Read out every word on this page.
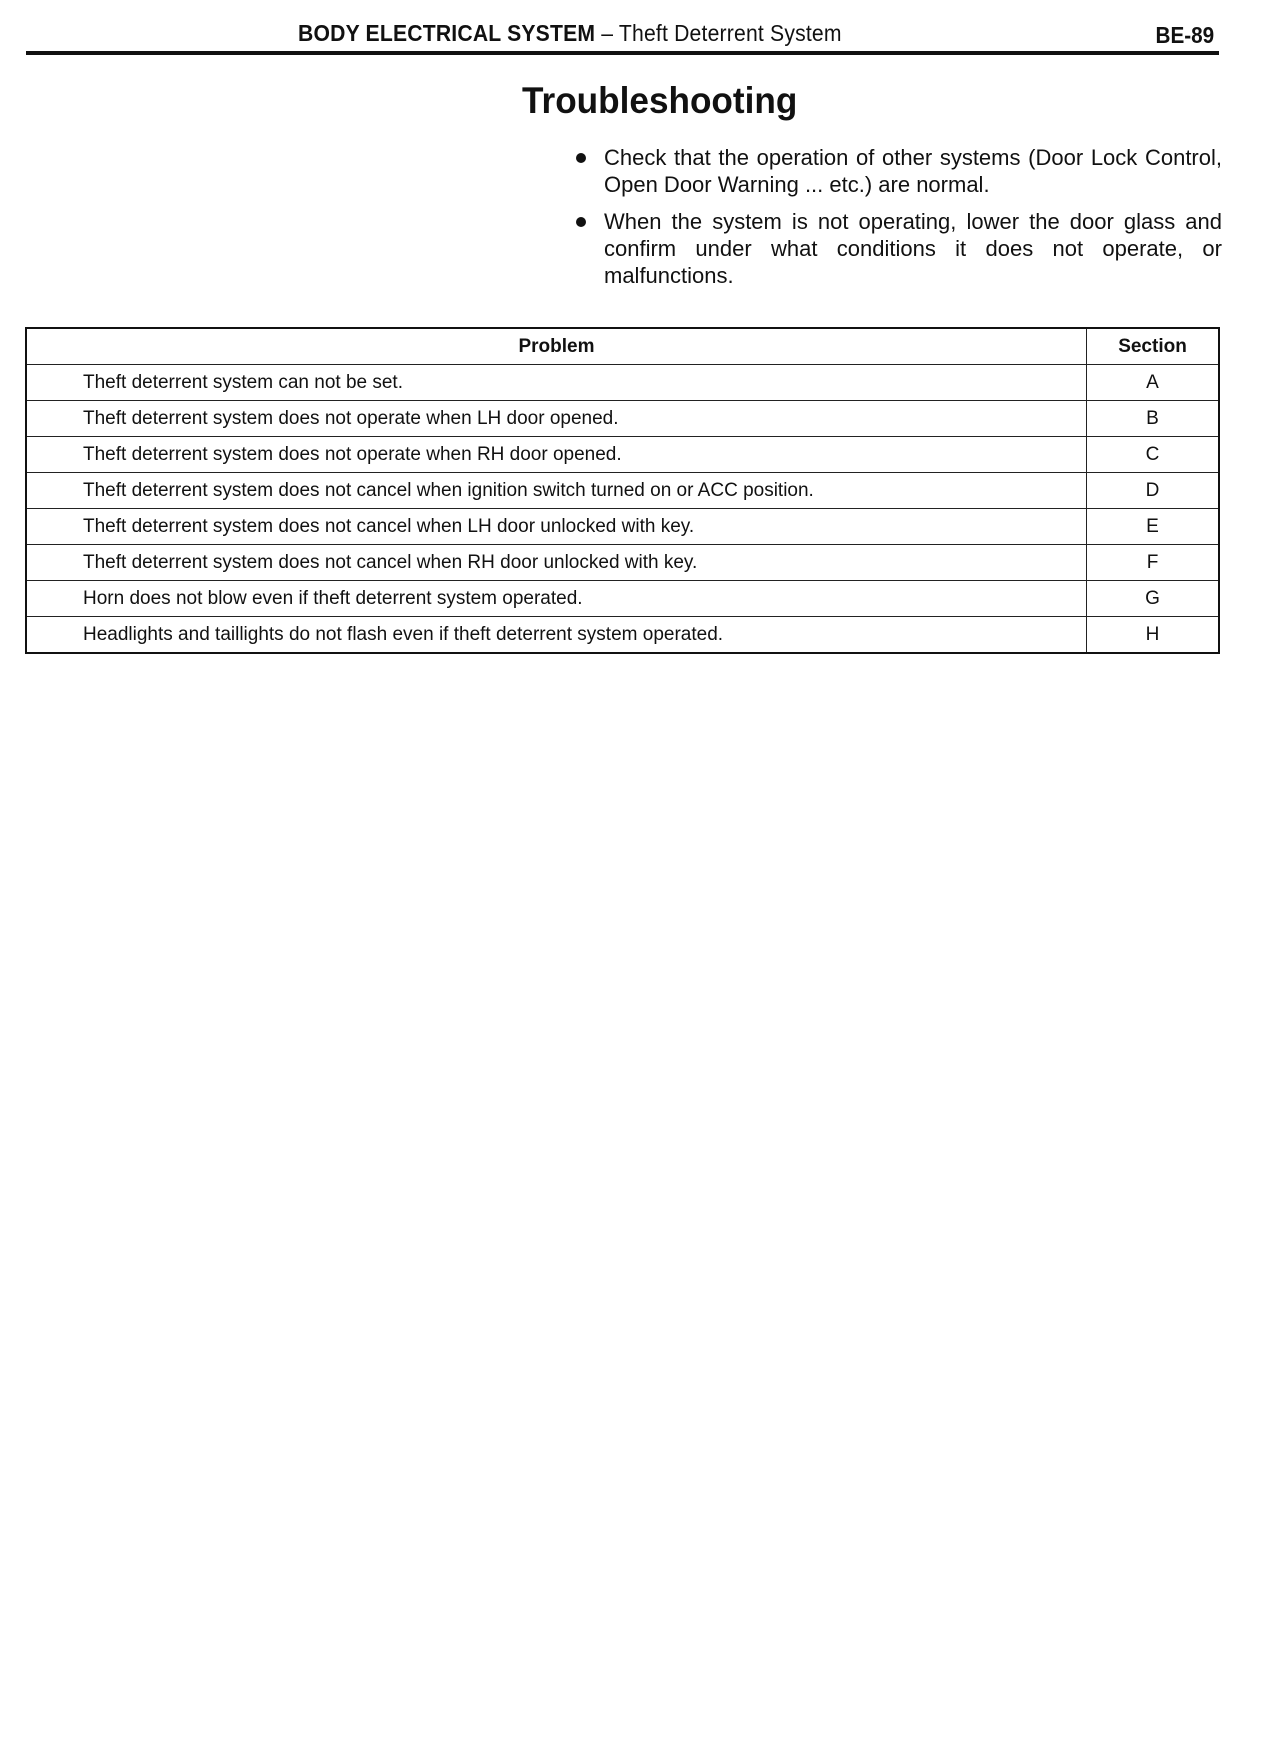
BODY ELECTRICAL SYSTEM – Theft Deterrent System	BE-89
Troubleshooting
Check that the operation of other systems (Door Lock Control, Open Door Warning ... etc.) are normal.
When the system is not operating, lower the door glass and confirm under what conditions it does not operate, or malfunctions.
Problem	Section
Theft deterrent system can not be set.	A
Theft deterrent system does not operate when LH door opened.	B
Theft deterrent system does not operate when RH door opened.	C
Theft deterrent system does not cancel when ignition switch turned on or ACC position.	D
Theft deterrent system does not cancel when LH door unlocked with key.	E
Theft deterrent system does not cancel when RH door unlocked with key.	F
Horn does not blow even if theft deterrent system operated.	G
Headlights and taillights do not flash even if theft deterrent system operated.	H
